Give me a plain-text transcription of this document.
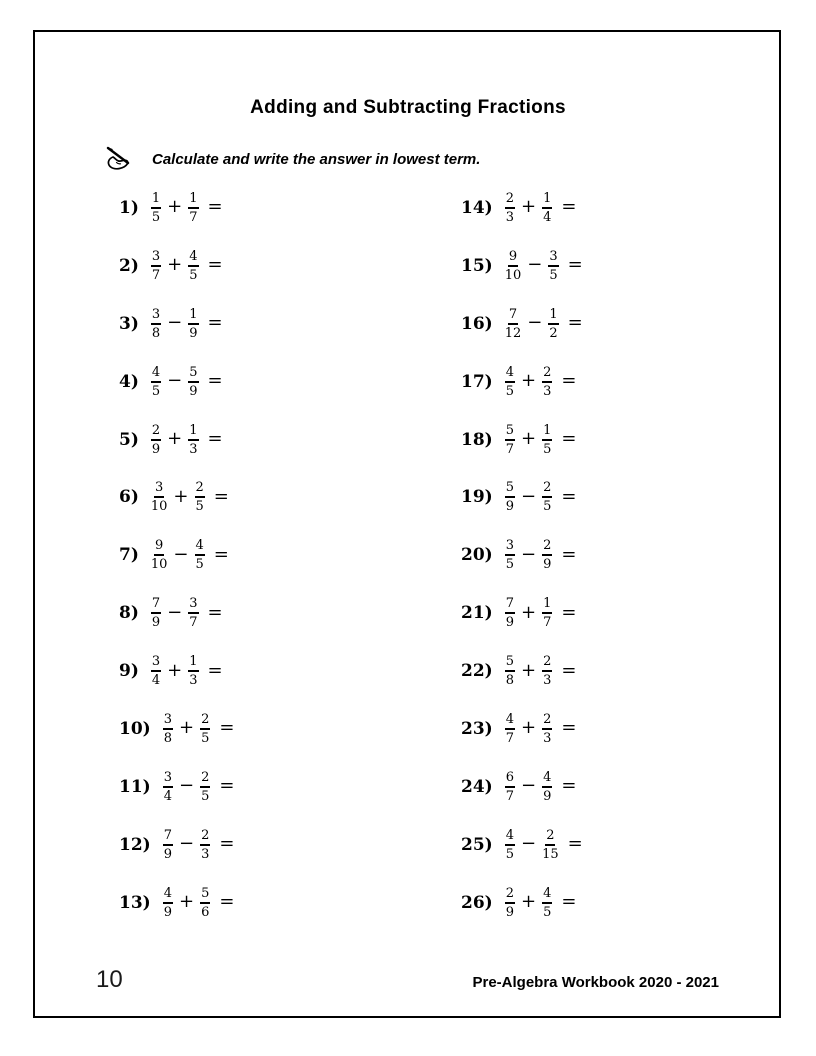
Adding and Subtracting Fractions
Calculate and write the answer in lowest term.
$1) \frac{1}{5} + \frac{1}{7}$ =
$2) \frac{3}{7} + \frac{4}{5}$ =
$3) \frac{3}{8} - \frac{1}{9}$ =
$4) \frac{4}{5} - \frac{5}{9}$ =
$5) \frac{2}{9} + \frac{1}{3}$ =
$6) \frac{3}{10} + \frac{2}{5}$ =
$7) \frac{9}{10} - \frac{4}{5}$ =
$8) \frac{7}{9} - \frac{3}{7}$ =
$9) \frac{3}{4} + \frac{1}{3}$ =
$10) \frac{3}{8} + \frac{2}{5}$ =
$11) \frac{3}{4} - \frac{2}{5}$ =
$12) \frac{7}{9} - \frac{2}{3}$ =
$13) \frac{4}{9} + \frac{5}{6}$ =
$14) \frac{2}{3} + \frac{1}{4}$ =
$15) \frac{9}{10} - \frac{3}{5}$ =
$16) \frac{7}{12} - \frac{1}{2}$ =
$17) \frac{4}{5} + \frac{2}{3}$ =
$18) \frac{5}{7} + \frac{1}{5}$ =
$19) \frac{5}{9} - \frac{2}{5}$ =
$20) \frac{3}{5} - \frac{2}{9}$ =
$21) \frac{7}{9} + \frac{1}{7}$ =
$22) \frac{5}{8} + \frac{2}{3}$ =
$23) \frac{4}{7} + \frac{2}{3}$ =
$24) \frac{6}{7} - \frac{4}{9}$ =
$25) \frac{4}{5} - \frac{2}{15}$ =
$26) \frac{2}{9} + \frac{4}{5}$ =
10	Pre-Algebra Workbook 2020 - 2021
